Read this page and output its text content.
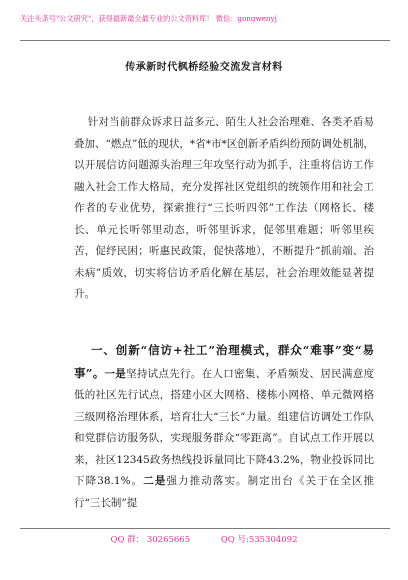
关注头条号"公文研究"，获得最新最全最专业的公文资料库！ 微信：gongwenyj
传承新时代枫桥经验交流发言材料
针对当前群众诉求日益多元、陌生人社会治理难、各类矛盾易叠加、“燃点”低的现状，*省*市*区创新矛盾纠纷预防调处机制，以开展信访问题源头治理三年攻坚行动为抓手，注重将信访工作融入社会工作大格局，充分发挥社区党组织的统领作用和社会工作者的专业优势，探索推行“三长听四邻”工作法（网格长、楼长、单元长听邻里动态，听邻里诉求，促邻里难题；听邻里疾苦，促纾民困；听惠民政策，促快落地），不断提升“抓前端、治未病”质效，切实将信访矛盾化解在基层，社会治理效能显著提升。
一、创新“信访+社工”治理模式，群众“难事”变“易事”。一是坚持试点先行。在人口密集、矛盾频发、居民满意度低的社区先行试点，搭建小区大网格、楼栋小网格、单元微网格三级网格治理体系，培育壮大“三长”力量。组建信访调处工作队和党群信访服务队，实现服务群众“零距离”。自试点工作开展以来，社区12345政务热线投诉量同比下降43.2%，物业投诉同比下降38.1%。二是强力推动落实。制定出台《关于在全区推行“三长制”提
QQ 群： 30265665	QQ 号:535304092
